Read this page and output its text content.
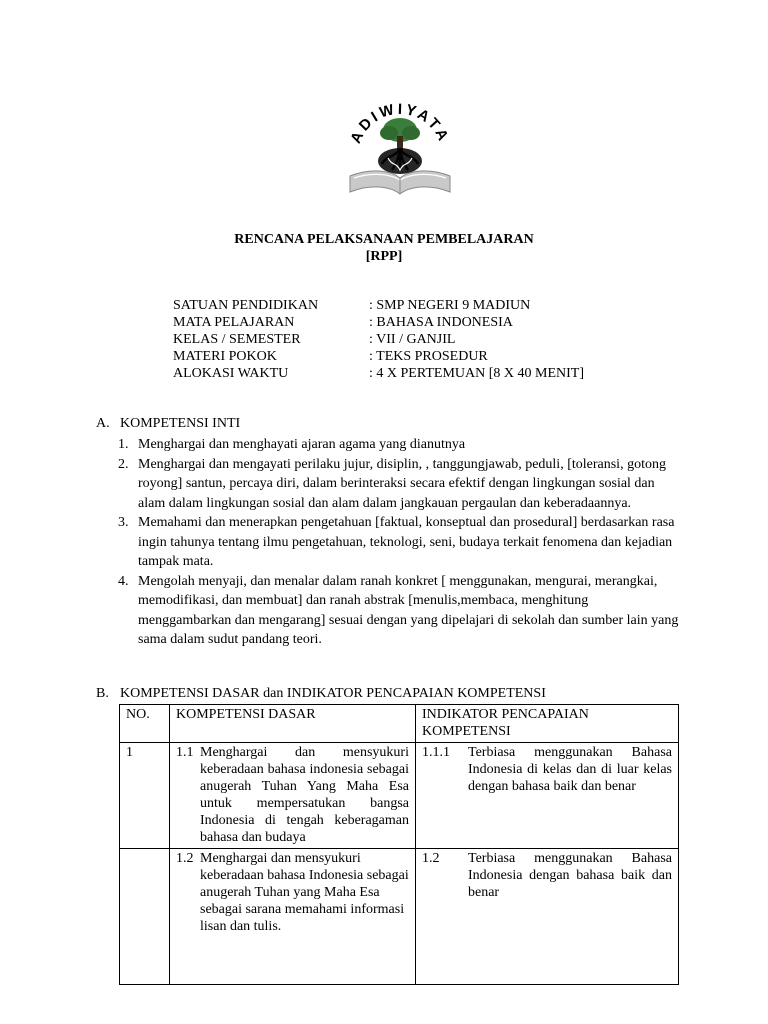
ADIWIYATA
RENCANA PELAKSANAAN PEMBELAJARAN
[RPP]
SATUAN PENDIDIKAN	: SMP NEGERI 9 MADIUN
MATA PELAJARAN	: BAHASA INDONESIA
KELAS / SEMESTER	: VII / GANJIL
MATERI POKOK	: TEKS PROSEDUR
ALOKASI WAKTU	: 4 X PERTEMUAN [8 X 40 MENIT]
A. KOMPETENSI INTI
1. Menghargai dan menghayati ajaran agama yang dianutnya
2. Menghargai dan mengayati perilaku jujur, disiplin, , tanggungjawab, peduli, [toleransi, gotong royong] santun, percaya diri, dalam berinteraksi secara efektif dengan lingkungan sosial dan alam dalam lingkungan sosial dan alam dalam jangkauan pergaulan dan keberadaannya.
3. Memahami dan menerapkan pengetahuan [faktual, konseptual dan prosedural] berdasarkan rasa ingin tahunya tentang ilmu pengetahuan, teknologi, seni, budaya terkait fenomena dan kejadian tampak mata.
4. Mengolah menyaji, dan menalar dalam ranah konkret [ menggunakan, mengurai, merangkai, memodifikasi, dan membuat] dan ranah abstrak [menulis,membaca, menghitung menggambarkan dan mengarang] sesuai dengan yang dipelajari di sekolah dan sumber lain yang sama dalam sudut pandang teori.
B. KOMPETENSI DASAR dan INDIKATOR PENCAPAIAN KOMPETENSI
NO.	KOMPETENSI DASAR	INDIKATOR PENCAPAIAN KOMPETENSI
1	1.1 Menghargai dan mensyukuri keberadaan bahasa indonesia sebagai anugerah Tuhan Yang Maha Esa untuk mempersatukan bangsa Indonesia di tengah keberagaman bahasa dan budaya	1.1.1 Terbiasa menggunakan Bahasa Indonesia di kelas dan di luar kelas dengan bahasa baik dan benar

	1.2 Menghargai dan mensyukuri keberadaan bahasa Indonesia sebagai anugerah Tuhan yang Maha Esa sebagai sarana memahami informasi lisan dan tulis.	1.2 Terbiasa menggunakan Bahasa Indonesia dengan bahasa baik dan benar
